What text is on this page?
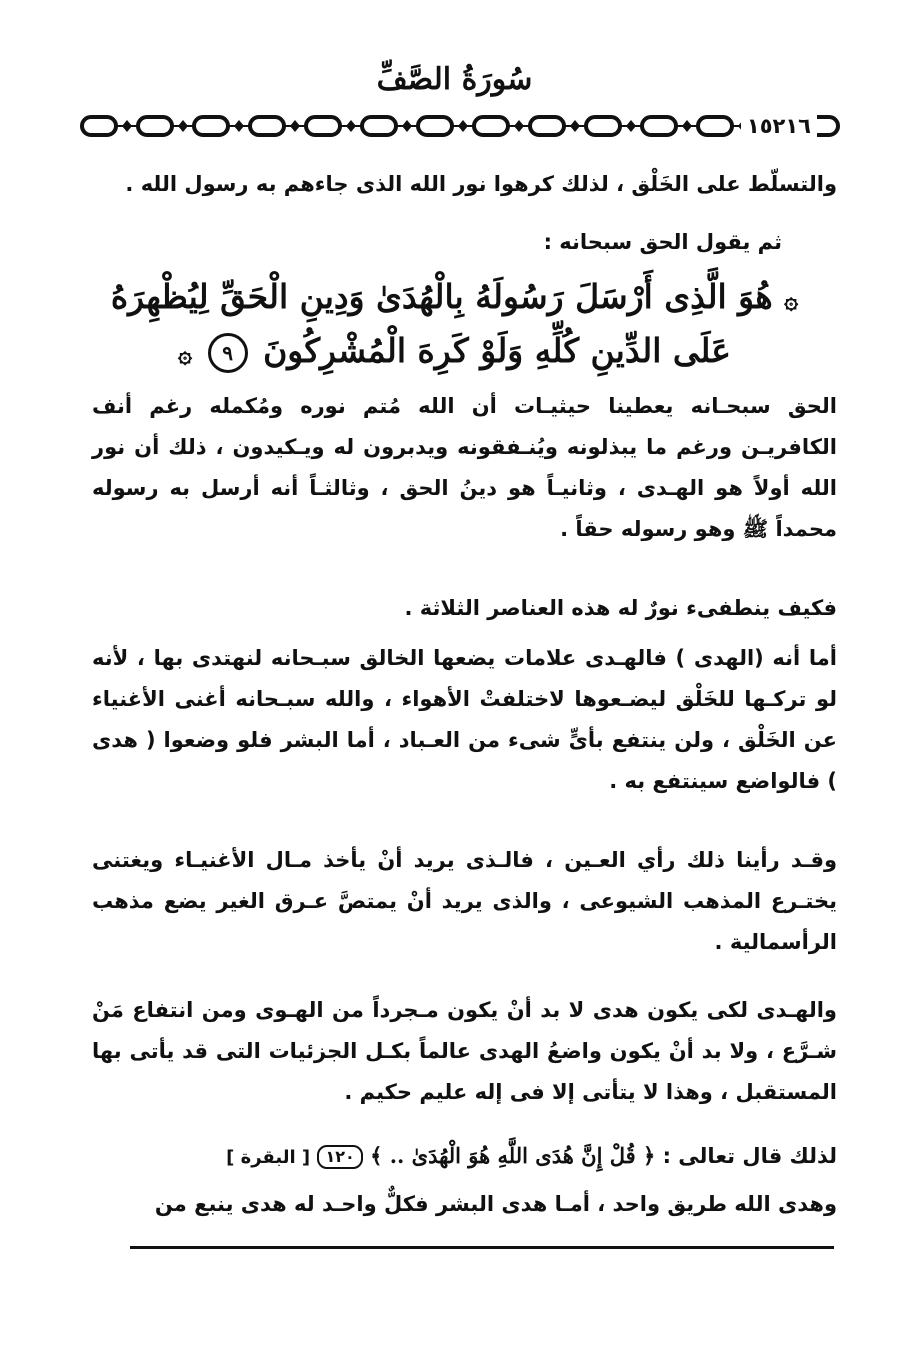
سُورَةُ الصَّفِّ
١٥٢١٦
والتسلّط على الخَلْق ، لذلك كرهوا نور الله الذى جاءهم به رسول الله .
ثم يقول الحق سبحانه :
۞ هُوَ الَّذِى أَرْسَلَ رَسُولَهُ بِالْهُدَىٰ وَدِينِ الْحَقِّ لِيُظْهِرَهُ
عَلَى الدِّينِ كُلِّهِ وَلَوْ كَرِهَ الْمُشْرِكُونَ ٩ ۞
الحق سبحـانه يعطينا حيثيـات أن الله مُتم نوره ومُكمله رغم أنف الكافريـن ورغم ما يبذلونه ويُنـفقونه ويدبرون له ويـكيدون ، ذلك أن نور الله أولاً هو الهـدى ، وثانيـاً هو دينُ الحق ، وثالثـاً أنه أرسل به رسوله محمداً ﷺ وهو رسوله حقاً .
فكيف ينطفىء نورٌ له هذه العناصر الثلاثة .
أما أنه (الهدى ) فالهـدى علامات يضعها الخالق سبـحانه لنهتدى بها ، لأنه لو تركـها للخَلْق ليضـعوها لاختلفتْ الأهواء ، والله سبـحانه أغنى الأغنياء عن الخَلْق ، ولن ينتفع بأىٍّ شىء من العـباد ، أما البشر فلو وضعوا ( هدى ) فالواضع سينتفع به .
وقـد رأينا ذلك رأي العـين ، فالـذى يريد أنْ يأخذ مـال الأغنيـاء ويغتنى يختـرع المذهب الشيوعى ، والذى يريد أنْ يمتصَّ عـرق الغير يضع مذهب الرأسمالية .
والهـدى لكى يكون هدى لا بد أنْ يكون مـجرداً من الهـوى ومن انتفاع مَنْ شـرَّع ، ولا بد أنْ يكون واضعُ الهدى عالماً بكـل الجزئيات التى قد يأتى بها المستقبل ، وهذا لا يتأتى إلا فى إله عليم حكيم .
لذلك قال تعالى : ﴿ قُلْ إِنَّ هُدَى اللَّهِ هُوَ الْهُدَىٰ .. ﴾ ١٢٠ [ البقرة ]
وهدى الله طريق واحد ، أمـا هدى البشر فكلٌّ واحـد له هدى ينبع من
